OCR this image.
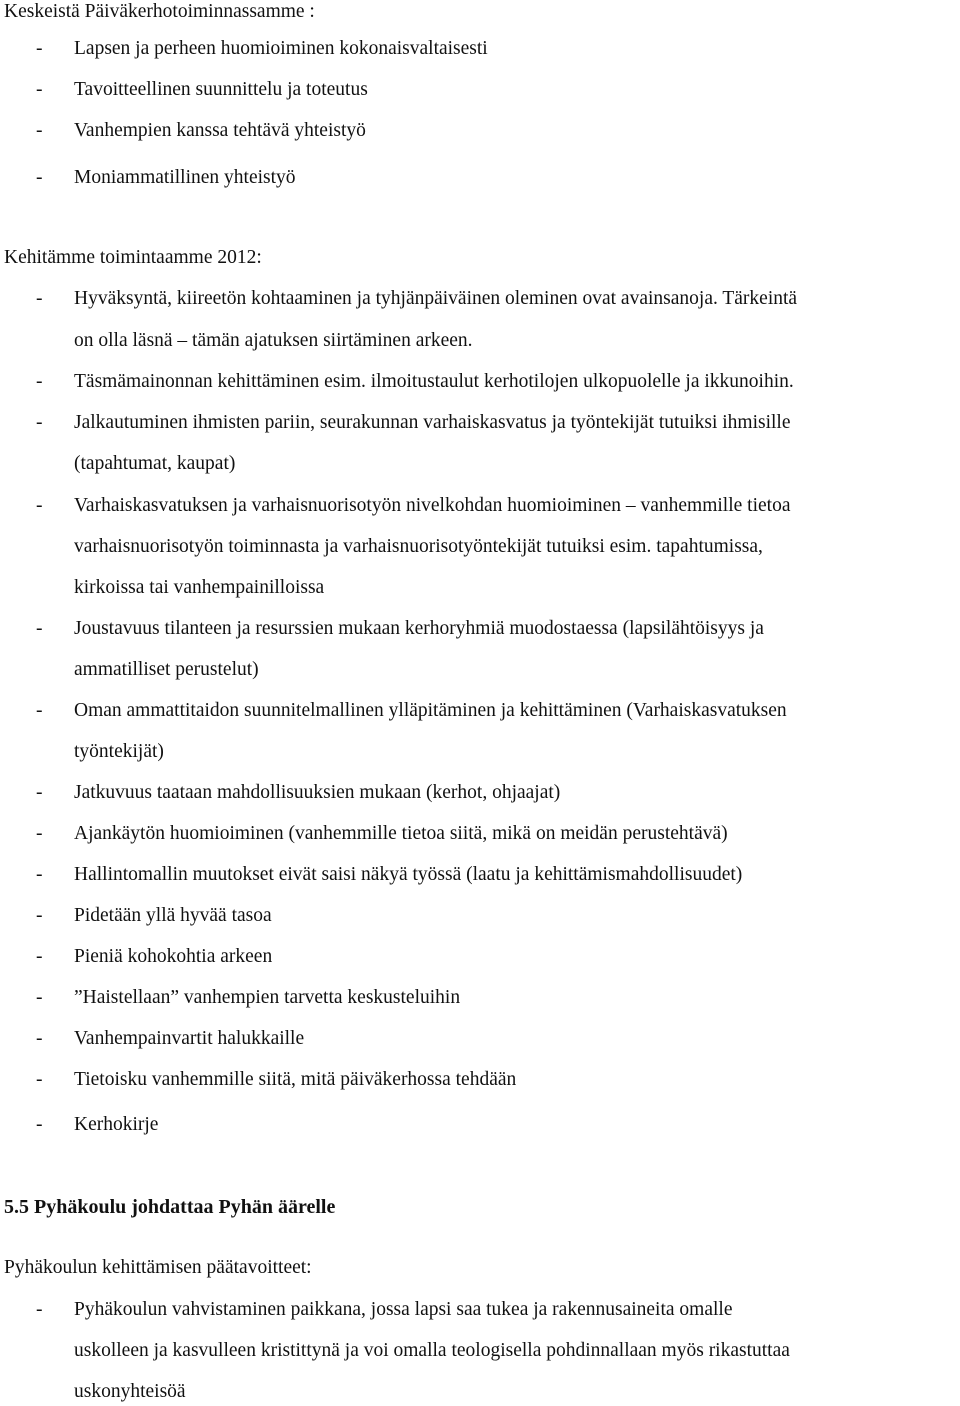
Keskeistä Päiväkerhotoiminnassamme :
- Lapsen ja perheen huomioiminen kokonaisvaltaisesti
- Tavoitteellinen suunnittelu ja toteutus
- Vanhempien kanssa tehtävä yhteistyö
- Moniammatillinen yhteistyö
Kehitämme toimintaamme 2012:
- Hyväksyntä, kiireetön kohtaaminen ja tyhjänpäiväinen oleminen ovat avainsanoja. Tärkeintä
on olla läsnä – tämän ajatuksen siirtäminen arkeen.
- Täsmämainonnan kehittäminen esim. ilmoitustaulut kerhotilojen ulkopuolelle ja ikkunoihin.
- Jalkautuminen ihmisten pariin, seurakunnan varhaiskasvatus ja työntekijät tutuiksi ihmisille
(tapahtumat, kaupat)
- Varhaiskasvatuksen ja varhaisnuorisotyön nivelkohdan huomioiminen – vanhemmille tietoa
varhaisnuorisotyön toiminnasta ja varhaisnuorisotyöntekijät tutuiksi esim. tapahtumissa,
kirkoissa tai vanhempainilloissa
- Joustavuus tilanteen ja resurssien mukaan kerhoryhmiä muodostaessa (lapsilähtöisyys ja
ammatilliset perustelut)
- Oman ammattitaidon suunnitelmallinen ylläpitäminen ja kehittäminen (Varhaiskasvatuksen
työntekijät)
- Jatkuvuus taataan mahdollisuuksien mukaan (kerhot, ohjaajat)
- Ajankäytön huomioiminen (vanhemmille tietoa siitä, mikä on meidän perustehtävä)
- Hallintomallin muutokset eivät saisi näkyä työssä (laatu ja kehittämismahdollisuudet)
- Pidetään yllä hyvää tasoa
- Pieniä kohokohtia arkeen
- ”Haistellaan” vanhempien tarvetta keskusteluihin
- Vanhempainvartit halukkaille
- Tietoisku vanhemmille siitä, mitä päiväkerhossa tehdään
- Kerhokirje
5.5 Pyhäkoulu johdattaa Pyhän äärelle
Pyhäkoulun kehittämisen päätavoitteet:
- Pyhäkoulun vahvistaminen paikkana, jossa lapsi saa tukea ja rakennusaineita omalle
uskolleen ja kasvulleen kristittynä ja voi omalla teologisella pohdinnallaan myös rikastuttaa
uskonyhteisöä
